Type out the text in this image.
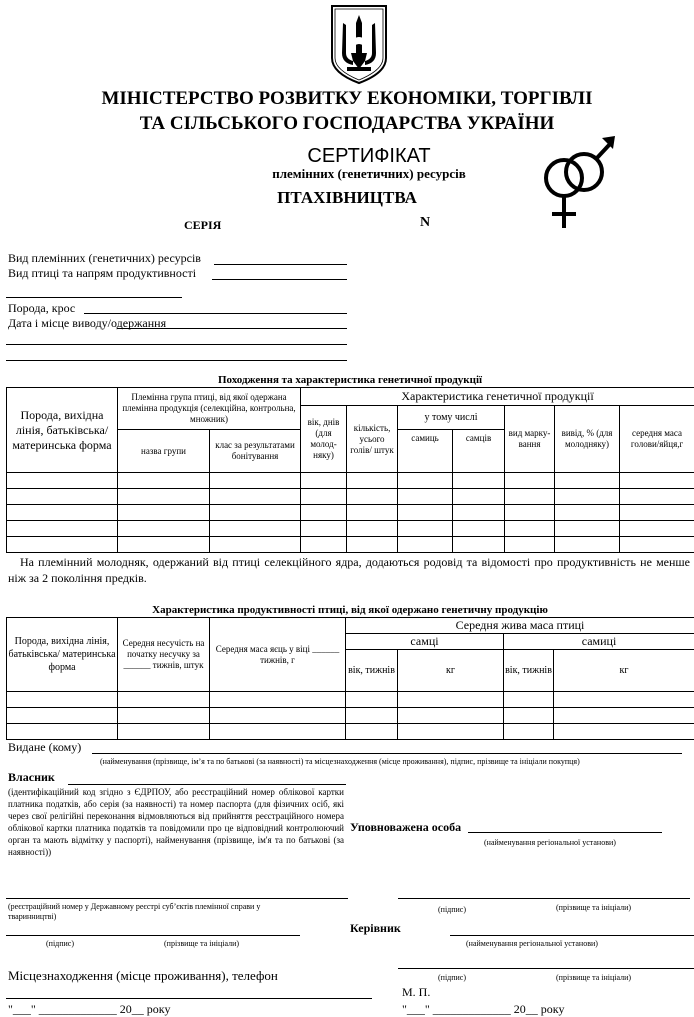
МІНІСТЕРСТВО РОЗВИТКУ ЕКОНОМІКИ, ТОРГІВЛІ
ТА СІЛЬСЬКОГО ГОСПОДАРСТВА УКРАЇНИ
СЕРТИФІКАТ
племінних (генетичних) ресурсів
ПТАХІВНИЦТВА
СЕРІЯ	N
Вид племінних (генетичних) ресурсів
Вид птиці та напрям продуктивності
Порода, крос
Дата і місце виводу/одержання
Походження та характеристика генетичної продукції
Порода, вихідна лінія, батьківська/ материнська форма	Племінна група птиці, від якої одержана племінна продукція (селекційна, контрольна, множник)		Характеристика генетичної продукції						
			вік, днів (для молод-няку)	кількість, усього голів/ штук	у тому числі		вид марку-вання	вивід, % (для молодняку)	середня маса голови/яйця,г
	назва групи	клас за результатами бонітування			самиць	самців			

На племінний молодняк, одержаний від птиці селекційного ядра, додаються родовід та відомості про продуктивність не менше ніж за 2 покоління предків.
Характеристика продуктивності птиці, від якої одержано генетичну продукцію
Порода, вихідна лінія, батьківська/ материнська форма	Середня несучість на початку несучку за ______ тижнів, штук	Середня маса яєць у віці ______ тижнів, г	Середня жива маса птиці			
			самці		самиці	
			вік, тижнів	кг	вік, тижнів	кг

Видане (кому)
(найменування (прізвище, ім’я та по батькові (за наявності) та місцезнаходження (місце проживання), підпис, прізвище та ініціали покупця)
Власник
(ідентифікаційний код згідно з ЄДРПОУ, або реєстраційний номер облікової картки платника податків, або серія (за наявності) та номер паспорта (для фізичних осіб, які через свої релігійні переконання відмовляються від прийняття реєстраційного номера облікової картки платника податків та повідомили про це відповідний контролюючий орган та мають відмітку у паспорті), найменування (прізвище, ім'я та по батькові (за наявності))
Уповноважена особа
(найменування регіональної установи)
(реєстраційний номер у Державному реєстрі суб’єктів племінної справи у тваринництві)
(підпис)	(прізвище та ініціали)
Керівник
(найменування регіональної установи)
(підпис)	(прізвище та ініціали)
(підпис)	(прізвище та ініціали)
Місцезнаходження (місце проживання), телефон
М. П.
"___" _____________ 20__ року	"___" _____________ 20__ року
